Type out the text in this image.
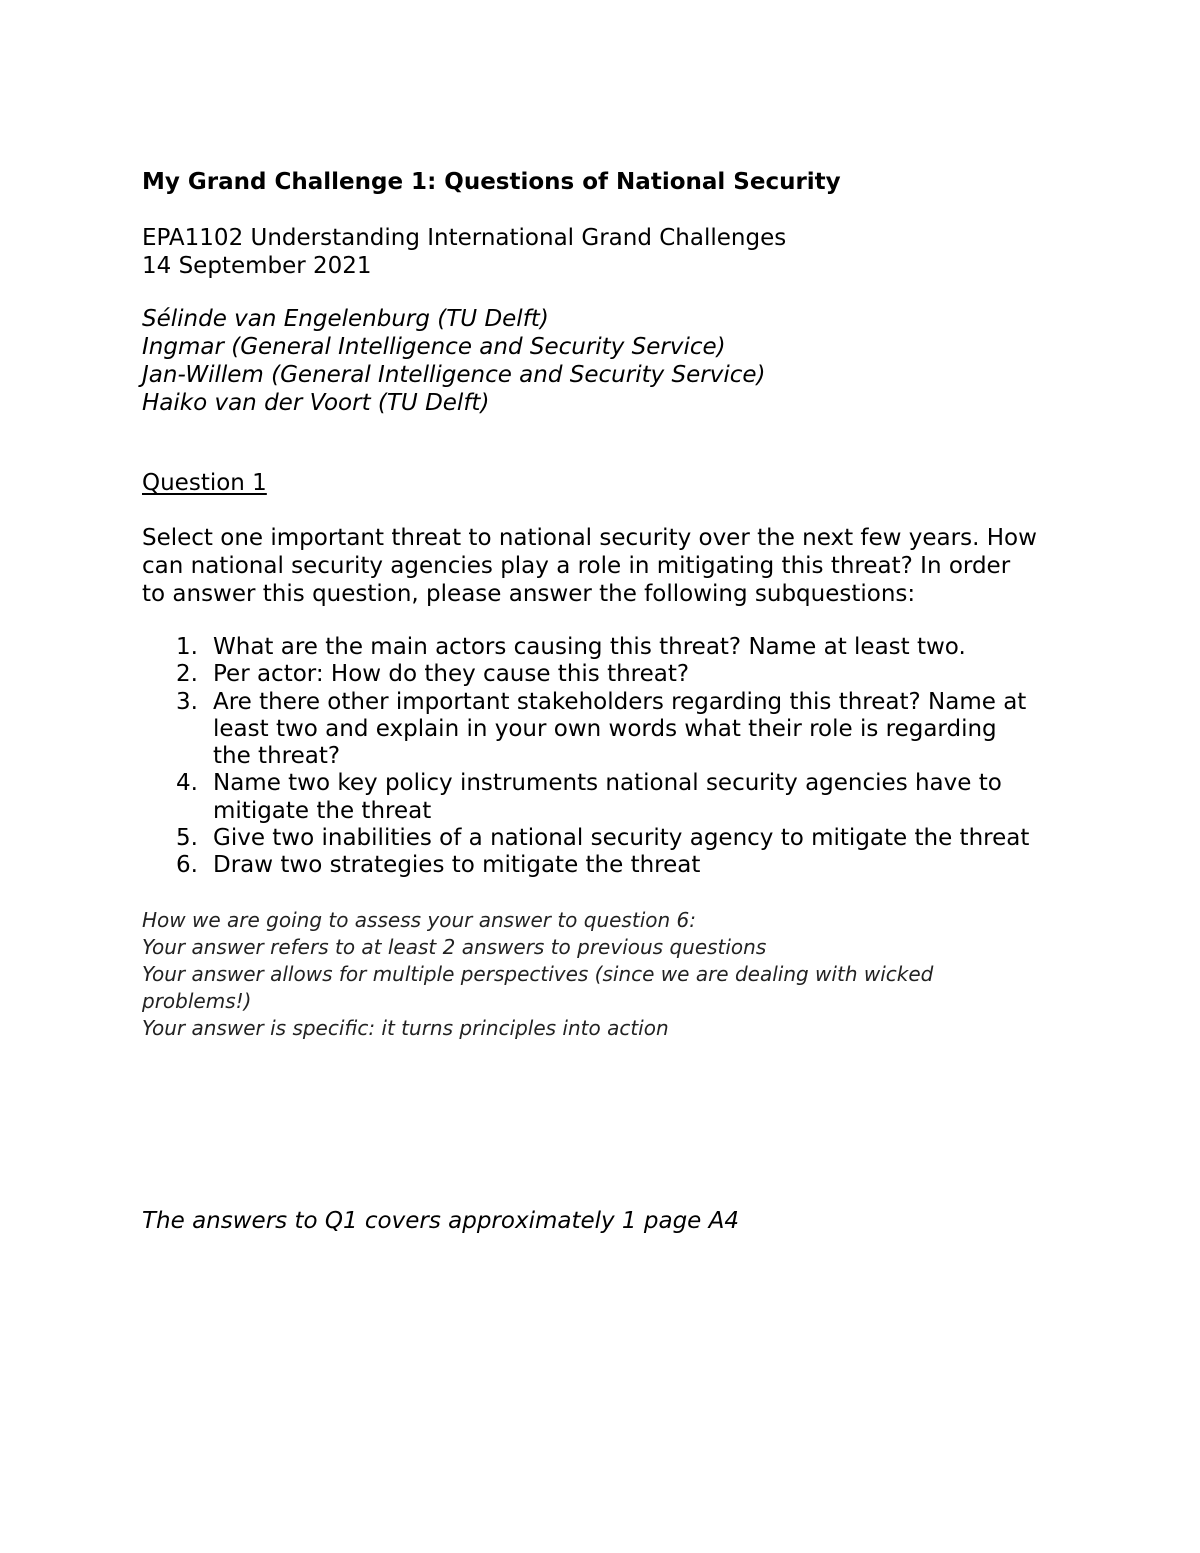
My Grand Challenge 1: Questions of National Security
EPA1102 Understanding International Grand Challenges
14 September 2021
Sélinde van Engelenburg (TU Delft)
Ingmar (General Intelligence and Security Service)
Jan-Willem (General Intelligence and Security Service)
Haiko van der Voort (TU Delft)
Question 1
Select one important threat to national security over the next few years. How
can national security agencies play a role in mitigating this threat? In order
to answer this question, please answer the following subquestions:
1. What are the main actors causing this threat? Name at least two.
2. Per actor: How do they cause this threat?
3. Are there other important stakeholders regarding this threat? Name at
least two and explain in your own words what their role is regarding
the threat?
4. Name two key policy instruments national security agencies have to
mitigate the threat
5. Give two inabilities of a national security agency to mitigate the threat
6. Draw two strategies to mitigate the threat
How we are going to assess your answer to question 6:
Your answer refers to at least 2 answers to previous questions
Your answer allows for multiple perspectives (since we are dealing with wicked
problems!)
Your answer is specific: it turns principles into action
The answers to Q1 covers approximately 1 page A4
